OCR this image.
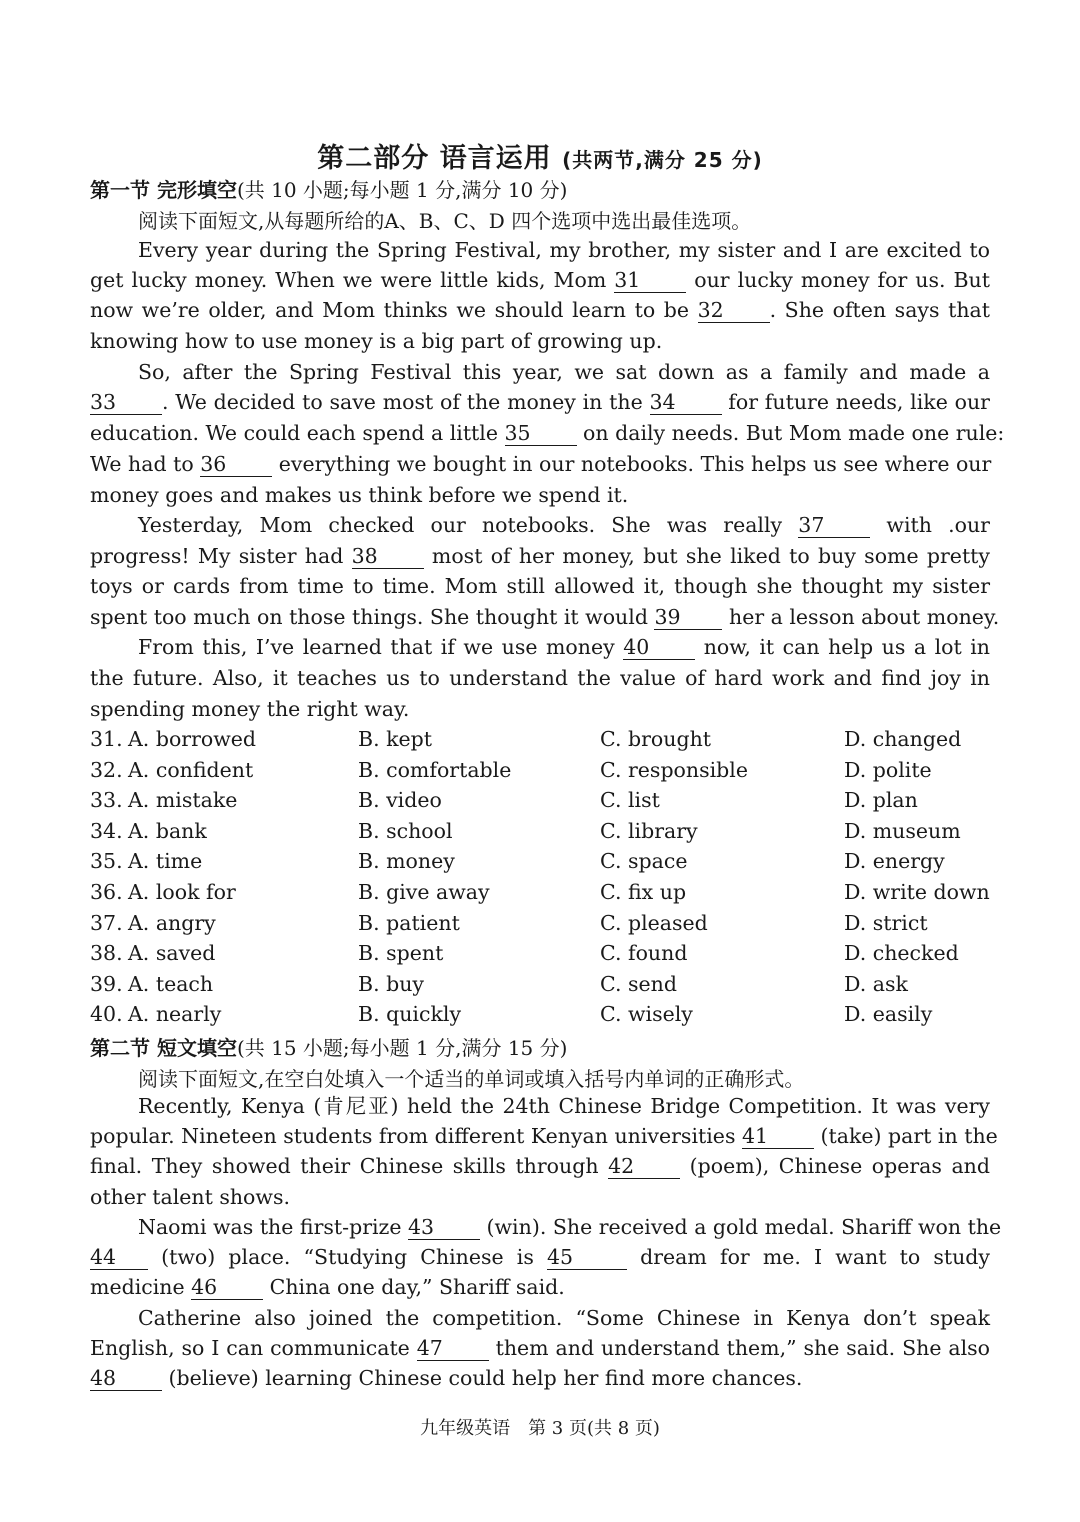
第二部分 语言运用 (共两节,满分 25 分)
第一节 完形填空(共 10 小题;每小题 1 分,满分 10 分)
阅读下面短文,从每题所给的A、B、C、D 四个选项中选出最佳选项。
Every year during the Spring Festival, my brother, my sister and I are excited to
get lucky money. When we were little kids, Mom 31 our lucky money for us. But
now we’re older, and Mom thinks we should learn to be 32 . She often says that
knowing how to use money is a big part of growing up.
So, after the Spring Festival this year, we sat down as a family and made a
33 . We decided to save most of the money in the 34 for future needs, like our
education. We could each spend a little 35 on daily needs. But Mom made one rule:
We had to 36 everything we bought in our notebooks. This helps us see where our
money goes and makes us think before we spend it.
Yesterday, Mom checked our notebooks. She was really 37 with .our
progress! My sister had 38 most of her money, but she liked to buy some pretty
toys or cards from time to time. Mom still allowed it, though she thought my sister
spent too much on those things. She thought it would 39 her a lesson about money.
From this, I’ve learned that if we use money 40 now, it can help us a lot in
the future. Also, it teaches us to understand the value of hard work and find joy in
spending money the right way.
31. A. borrowed	B. kept	C. brought	D. changed
32. A. confident	B. comfortable	C. responsible	D. polite
33. A. mistake	B. video	C. list	D. plan
34. A. bank	B. school	C. library	D. museum
35. A. time	B. money	C. space	D. energy
36. A. look for	B. give away	C. fix up	D. write down
37. A. angry	B. patient	C. pleased	D. strict
38. A. saved	B. spent	C. found	D. checked
39. A. teach	B. buy	C. send	D. ask
40. A. nearly	B. quickly	C. wisely	D. easily
第二节 短文填空(共 15 小题;每小题 1 分,满分 15 分)
阅读下面短文,在空白处填入一个适当的单词或填入括号内单词的正确形式。
Recently, Kenya (肯尼亚) held the 24th Chinese Bridge Competition. It was very
popular. Nineteen students from different Kenyan universities 41 (take) part in the
final. They showed their Chinese skills through 42 (poem), Chinese operas and
other talent shows.
Naomi was the first-prize 43 (win). She received a gold medal. Shariff won the
44 (two) place. “Studying Chinese is 45	dream for me. I want to study
medicine 46 China one day,” Shariff said.
Catherine also joined the competition. “Some Chinese in Kenya don’t speak
English, so I can communicate 47 them and understand them,” she said. She also
48 (believe) learning Chinese could help her find more chances.
九年级英语　第 3 页(共 8 页)
